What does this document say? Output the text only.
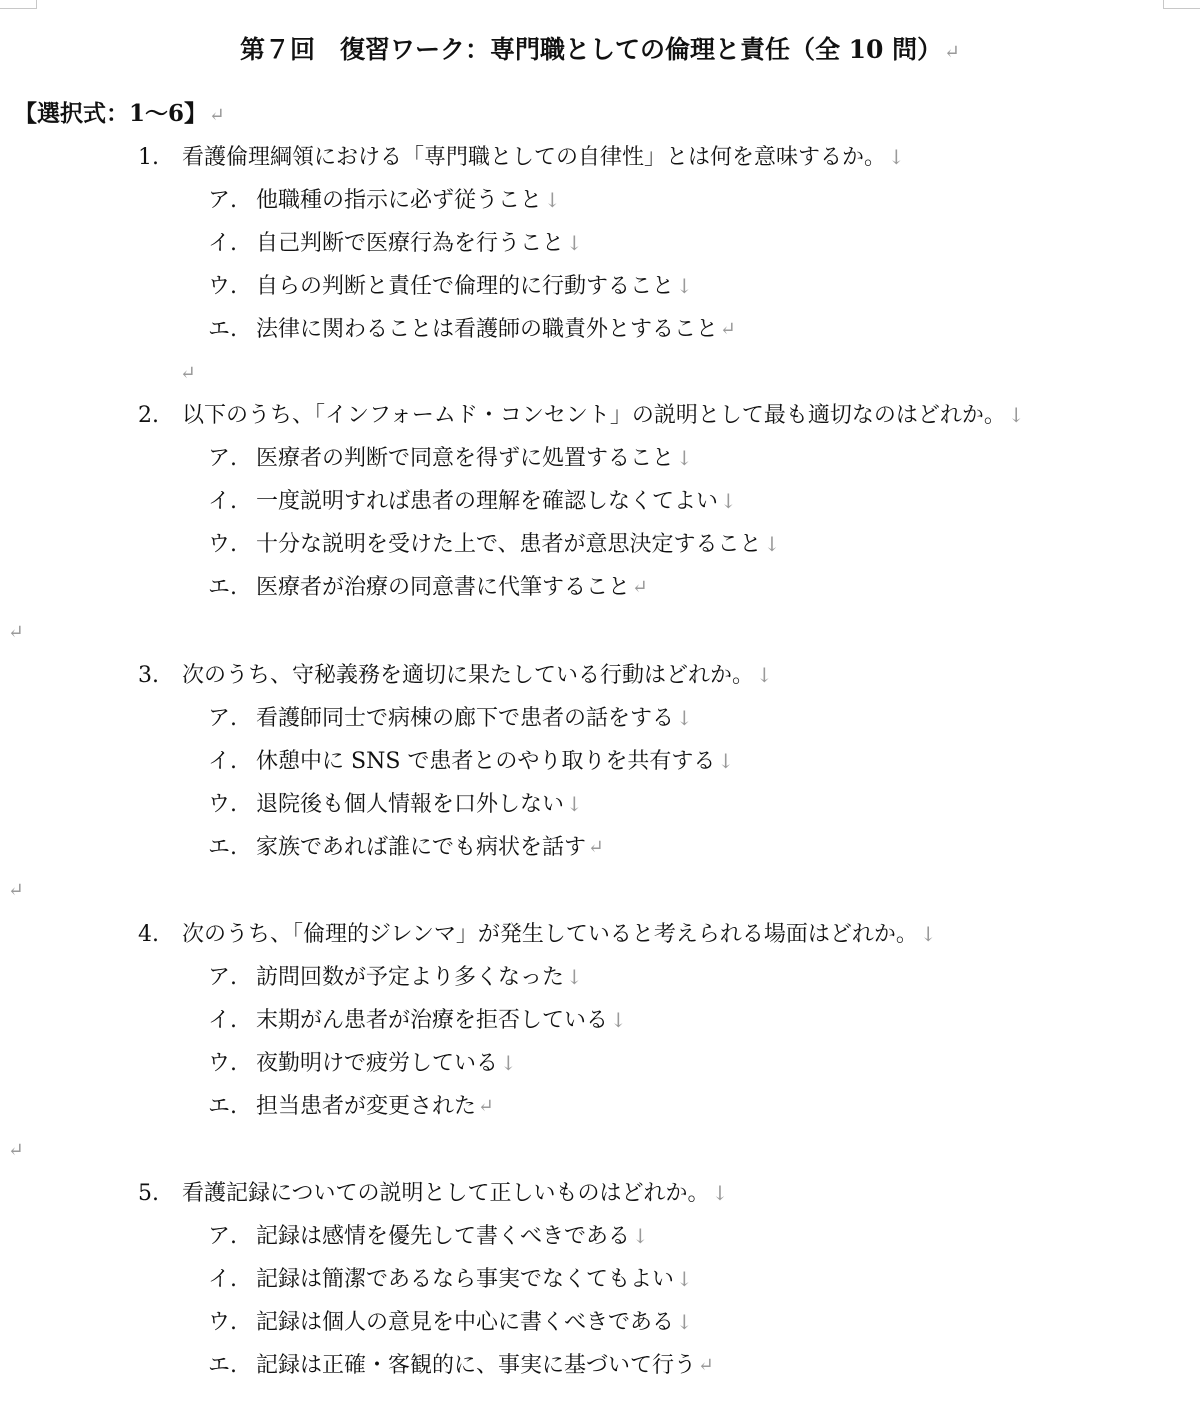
第７回　復習ワーク：専門職としての倫理と責任（全 10 問） ↵
【選択式：1〜6】 ↵
1.	看護倫理綱領における「専門職としての自律性」とは何を意味するか。 ↓
ア. 他職種の指示に必ず従うこと ↓
イ. 自己判断で医療行為を行うこと ↓
ウ. 自らの判断と責任で倫理的に行動すること ↓
エ. 法律に関わることは看護師の職責外とすること ↵
↵
2.	以下のうち、「インフォームド・コンセント」の説明として最も適切なのはどれか。 ↓
ア. 医療者の判断で同意を得ずに処置すること ↓
イ. 一度説明すれば患者の理解を確認しなくてよい ↓
ウ. 十分な説明を受けた上で、患者が意思決定すること ↓
エ. 医療者が治療の同意書に代筆すること ↵
↵
3.	次のうち、守秘義務を適切に果たしている行動はどれか。 ↓
ア. 看護師同士で病棟の廊下で患者の話をする ↓
イ. 休憩中に SNS で患者とのやり取りを共有する ↓
ウ. 退院後も個人情報を口外しない ↓
エ. 家族であれば誰にでも病状を話す ↵
↵
4.	次のうち、「倫理的ジレンマ」が発生していると考えられる場面はどれか。 ↓
ア. 訪問回数が予定より多くなった ↓
イ. 末期がん患者が治療を拒否している ↓
ウ. 夜勤明けで疲労している ↓
エ. 担当患者が変更された ↵
↵
5.	看護記録についての説明として正しいものはどれか。 ↓
ア. 記録は感情を優先して書くべきである ↓
イ. 記録は簡潔であるなら事実でなくてもよい ↓
ウ. 記録は個人の意見を中心に書くべきである ↓
エ. 記録は正確・客観的に、事実に基づいて行う ↵
